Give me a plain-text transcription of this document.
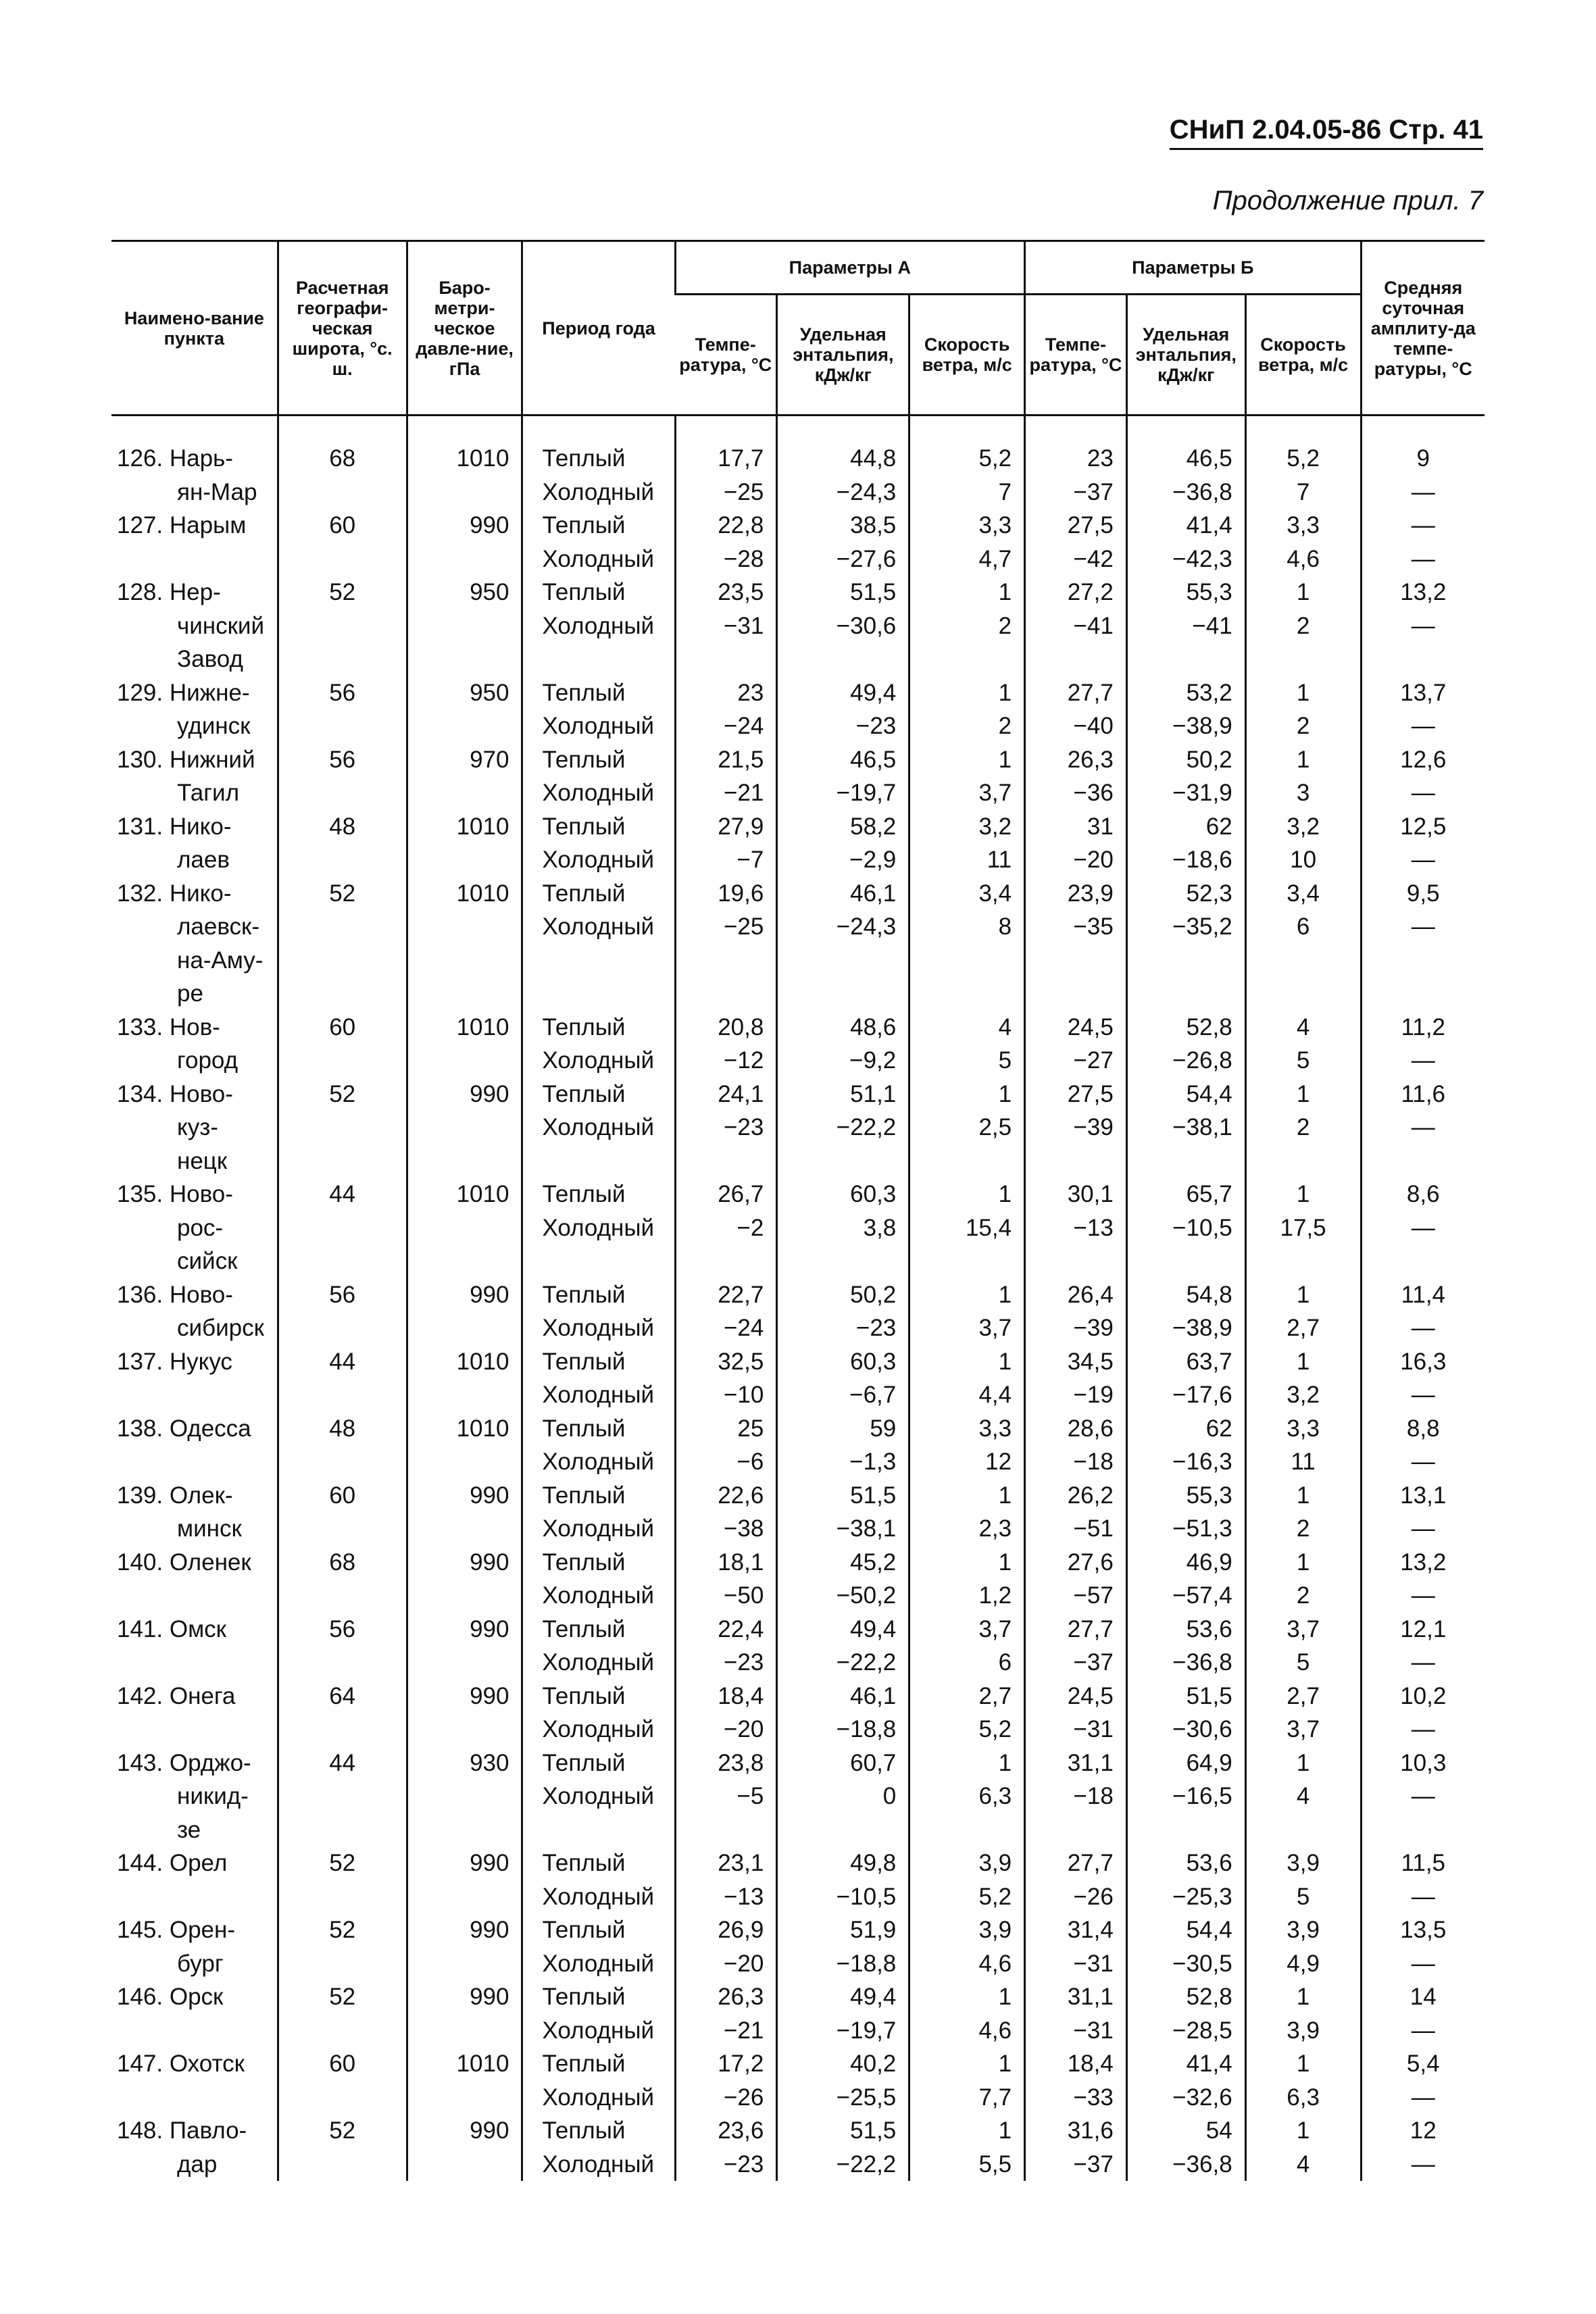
СНиП 2.04.05-86 Стр. 41
Продолжение прил. 7
Наимено-вание пункта	Расчетная географи-ческая широта, °с. ш.	Баро-метри-ческое давле-ние, гПа	Период года	Параметры А			Параметры Б			Средняя суточная амплиту-да темпе-ратуры, °С
				Темпе-ратура, °С	Удельная энтальпия, кДж/кг	Скорость ветра, м/с	Темпе-ратура, °С	Удельная энтальпия, кДж/кг	Скорость ветра, м/с	

126. Нарь-	68	1010	Теплый	17,7	44,8	5,2	23	46,5	5,2	9
ян-Мар			Холодный	−25	−24,3	7	−37	−36,8	7	—
127. Нарым	60	990	Теплый	22,8	38,5	3,3	27,5	41,4	3,3	—
			Холодный	−28	−27,6	4,7	−42	−42,3	4,6	—
128. Нер-	52	950	Теплый	23,5	51,5	1	27,2	55,3	1	13,2
чинский			Холодный	−31	−30,6	2	−41	−41	2	—
Завод										
129. Нижне-	56	950	Теплый	23	49,4	1	27,7	53,2	1	13,7
удинск			Холодный	−24	−23	2	−40	−38,9	2	—
130. Нижний	56	970	Теплый	21,5	46,5	1	26,3	50,2	1	12,6
Тагил			Холодный	−21	−19,7	3,7	−36	−31,9	3	—
131. Нико-	48	1010	Теплый	27,9	58,2	3,2	31	62	3,2	12,5
лаев			Холодный	−7	−2,9	11	−20	−18,6	10	—
132. Нико-	52	1010	Теплый	19,6	46,1	3,4	23,9	52,3	3,4	9,5
лаевск-			Холодный	−25	−24,3	8	−35	−35,2	6	—
на-Аму-										
ре										
133. Нов-	60	1010	Теплый	20,8	48,6	4	24,5	52,8	4	11,2
город			Холодный	−12	−9,2	5	−27	−26,8	5	—
134. Ново-	52	990	Теплый	24,1	51,1	1	27,5	54,4	1	11,6
куз-			Холодный	−23	−22,2	2,5	−39	−38,1	2	—
нецк										
135. Ново-	44	1010	Теплый	26,7	60,3	1	30,1	65,7	1	8,6
рос-			Холодный	−2	3,8	15,4	−13	−10,5	17,5	—
сийск										
136. Ново-	56	990	Теплый	22,7	50,2	1	26,4	54,8	1	11,4
сибирск			Холодный	−24	−23	3,7	−39	−38,9	2,7	—
137. Нукус	44	1010	Теплый	32,5	60,3	1	34,5	63,7	1	16,3
			Холодный	−10	−6,7	4,4	−19	−17,6	3,2	—
138. Одесса	48	1010	Теплый	25	59	3,3	28,6	62	3,3	8,8
			Холодный	−6	−1,3	12	−18	−16,3	11	—
139. Олек-	60	990	Теплый	22,6	51,5	1	26,2	55,3	1	13,1
минск			Холодный	−38	−38,1	2,3	−51	−51,3	2	—
140. Оленек	68	990	Теплый	18,1	45,2	1	27,6	46,9	1	13,2
			Холодный	−50	−50,2	1,2	−57	−57,4	2	—
141. Омск	56	990	Теплый	22,4	49,4	3,7	27,7	53,6	3,7	12,1
			Холодный	−23	−22,2	6	−37	−36,8	5	—
142. Онега	64	990	Теплый	18,4	46,1	2,7	24,5	51,5	2,7	10,2
			Холодный	−20	−18,8	5,2	−31	−30,6	3,7	—
143. Орджо-	44	930	Теплый	23,8	60,7	1	31,1	64,9	1	10,3
никид-			Холодный	−5	0	6,3	−18	−16,5	4	—
зе										
144. Орел	52	990	Теплый	23,1	49,8	3,9	27,7	53,6	3,9	11,5
			Холодный	−13	−10,5	5,2	−26	−25,3	5	—
145. Орен-	52	990	Теплый	26,9	51,9	3,9	31,4	54,4	3,9	13,5
бург			Холодный	−20	−18,8	4,6	−31	−30,5	4,9	—
146. Орск	52	990	Теплый	26,3	49,4	1	31,1	52,8	1	14
			Холодный	−21	−19,7	4,6	−31	−28,5	3,9	—
147. Охотск	60	1010	Теплый	17,2	40,2	1	18,4	41,4	1	5,4
			Холодный	−26	−25,5	7,7	−33	−32,6	6,3	—
148. Павло-	52	990	Теплый	23,6	51,5	1	31,6	54	1	12
дар			Холодный	−23	−22,2	5,5	−37	−36,8	4	—
